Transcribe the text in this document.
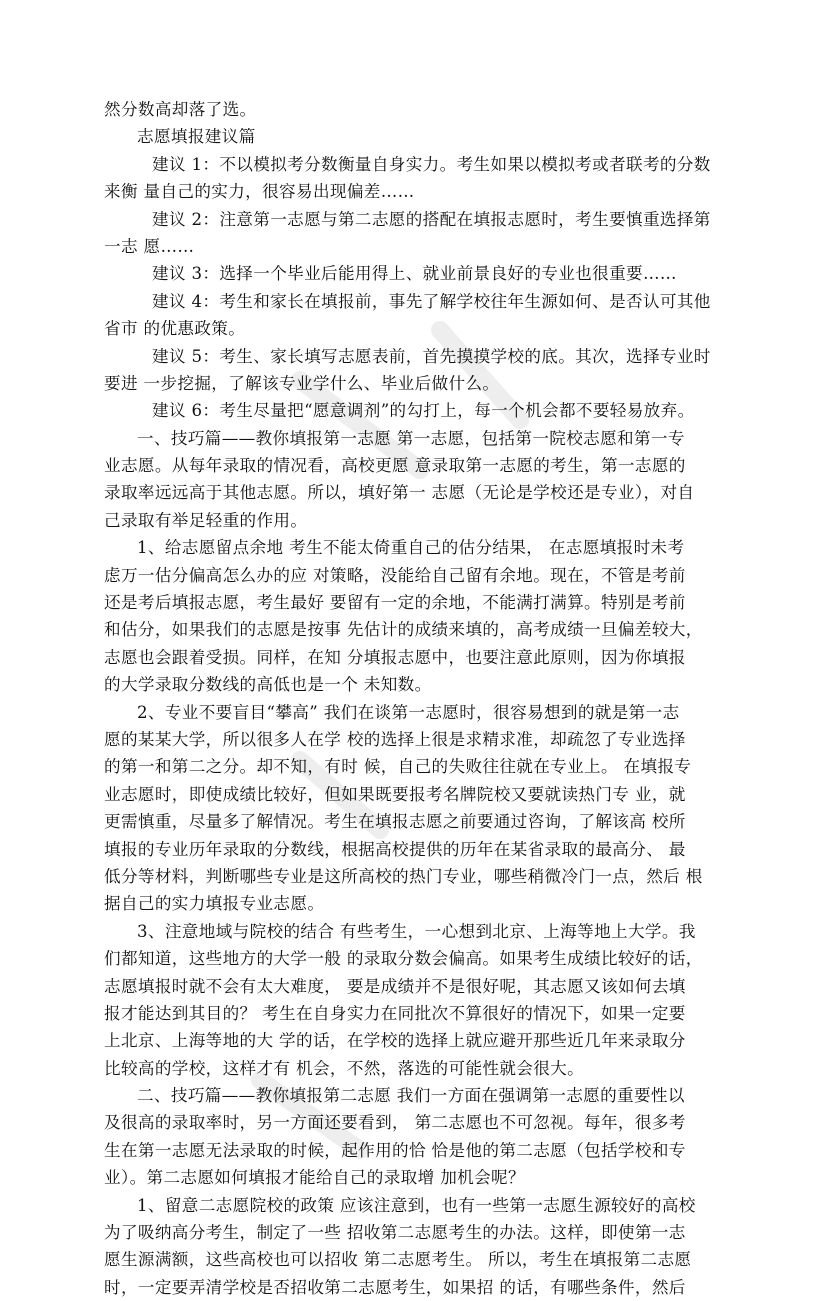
然分数高却落了选。
志愿填报建议篇
建议 1：不以模拟考分数衡量自身实力。考生如果以模拟考或者联考的分数
来衡 量自己的实力，很容易出现偏差……
建议 2：注意第一志愿与第二志愿的搭配在填报志愿时，考生要慎重选择第
一志 愿……
建议 3：选择一个毕业后能用得上、就业前景良好的专业也很重要……
建议 4：考生和家长在填报前，事先了解学校往年生源如何、是否认可其他
省市 的优惠政策。
建议 5：考生、家长填写志愿表前，首先摸摸学校的底。其次，选择专业时
要进 一步挖掘，了解该专业学什么、毕业后做什么。
建议 6：考生尽量把“愿意调剂”的勾打上，每一个机会都不要轻易放弃。
一、技巧篇——教你填报第一志愿 第一志愿，包括第一院校志愿和第一专
业志愿。从每年录取的情况看，高校更愿 意录取第一志愿的考生，第一志愿的
录取率远远高于其他志愿。所以，填好第一 志愿（无论是学校还是专业），对自
己录取有举足轻重的作用。
1、给志愿留点余地 考生不能太倚重自己的估分结果， 在志愿填报时未考
虑万一估分偏高怎么办的应 对策略，没能给自己留有余地。现在，不管是考前
还是考后填报志愿，考生最好 要留有一定的余地，不能满打满算。特别是考前
和估分，如果我们的志愿是按事 先估计的成绩来填的，高考成绩一旦偏差较大，
志愿也会跟着受损。同样，在知 分填报志愿中，也要注意此原则，因为你填报
的大学录取分数线的高低也是一个 未知数。
2、专业不要盲目“攀高” 我们在谈第一志愿时，很容易想到的就是第一志
愿的某某大学，所以很多人在学 校的选择上很是求精求准，却疏忽了专业选择
的第一和第二之分。却不知，有时 候，自己的失败往往就在专业上。 在填报专
业志愿时，即使成绩比较好，但如果既要报考名牌院校又要就读热门专 业，就
更需慎重，尽量多了解情况。考生在填报志愿之前要通过咨询，了解该高 校所
填报的专业历年录取的分数线，根据高校提供的历年在某省录取的最高分、 最
低分等材料，判断哪些专业是这所高校的热门专业，哪些稍微冷门一点，然后 根
据自己的实力填报专业志愿。
3、注意地域与院校的结合 有些考生，一心想到北京、上海等地上大学。我
们都知道，这些地方的大学一般 的录取分数会偏高。如果考生成绩比较好的话，
志愿填报时就不会有太大难度， 要是成绩并不是很好呢，其志愿又该如何去填
报才能达到其目的？ 考生在自身实力在同批次不算很好的情况下，如果一定要
上北京、上海等地的大 学的话，在学校的选择上就应避开那些近几年来录取分
比较高的学校，这样才有 机会，不然，落选的可能性就会很大。
二、技巧篇——教你填报第二志愿 我们一方面在强调第一志愿的重要性以
及很高的录取率时，另一方面还要看到， 第二志愿也不可忽视。每年，很多考
生在第一志愿无法录取的时候，起作用的恰 恰是他的第二志愿（包括学校和专
业）。第二志愿如何填报才能给自己的录取增 加机会呢？
1、留意二志愿院校的政策 应该注意到，也有一些第一志愿生源较好的高校
为了吸纳高分考生，制定了一些 招收第二志愿考生的办法。这样，即使第一志
愿生源满额，这些高校也可以招收 第二志愿考生。 所以，考生在填报第二志愿
时，一定要弄清学校是否招收第二志愿考生，如果招 的话，有哪些条件，然后
